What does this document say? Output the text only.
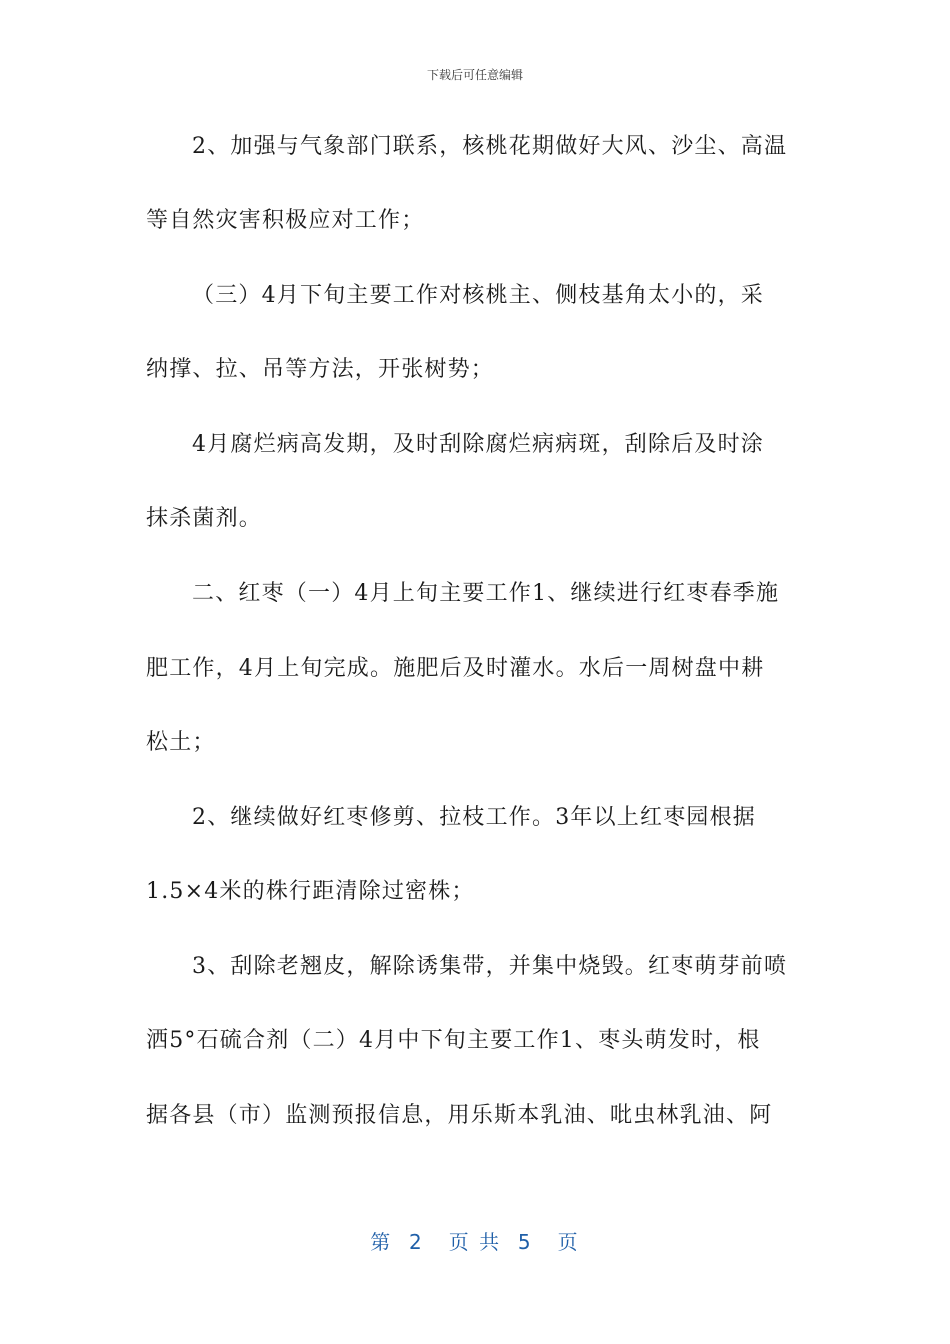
下载后可任意编辑
2、加强与气象部门联系，核桃花期做好大风、沙尘、高温
等自然灾害积极应对工作；
（三）4月下旬主要工作对核桃主、侧枝基角太小的，采
纳撑、拉、吊等方法，开张树势；
4月腐烂病高发期，及时刮除腐烂病病斑，刮除后及时涂
抹杀菌剂。
二、红枣（一）4月上旬主要工作1、继续进行红枣春季施
肥工作，4月上旬完成。施肥后及时灌水。水后一周树盘中耕
松土；
2、继续做好红枣修剪、拉枝工作。3年以上红枣园根据
1.5×4米的株行距清除过密株；
3、刮除老翘皮，解除诱集带，并集中烧毁。红枣萌芽前喷
洒5°石硫合剂（二）4月中下旬主要工作1、枣头萌发时，根
据各县（市）监测预报信息，用乐斯本乳油、吡虫林乳油、阿
第  2   页 共  5   页
